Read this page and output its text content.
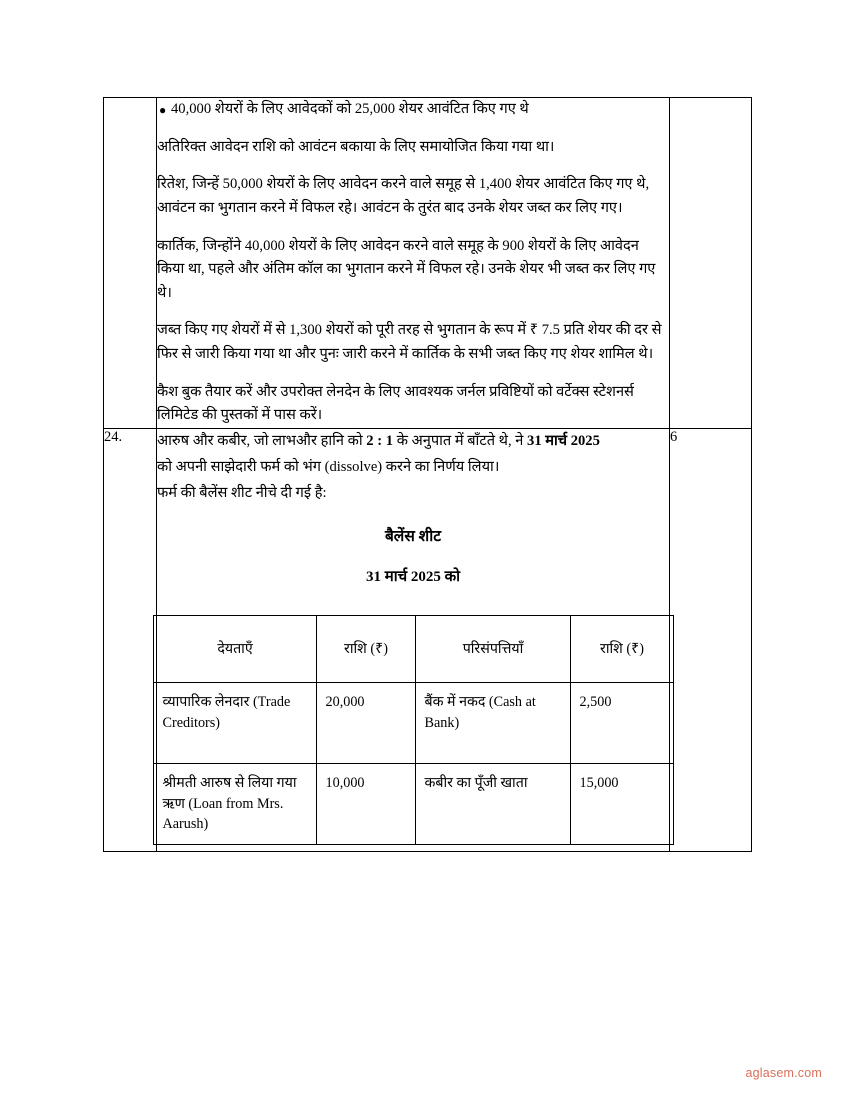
● 40,000 शेयरों के लिए आवेदकों को 25,000 शेयर आवंटित किए गए थे

अतिरिक्त आवेदन राशि को आवंटन बकाया के लिए समायोजित किया गया था।

रितेश, जिन्हें 50,000 शेयरों के लिए आवेदन करने वाले समूह से 1,400 शेयर आवंटित किए गए थे, आवंटन का भुगतान करने में विफल रहे। आवंटन के तुरंत बाद उनके शेयर जब्त कर लिए गए।

कार्तिक, जिन्होंने 40,000 शेयरों के लिए आवेदन करने वाले समूह के 900 शेयरों के लिए आवेदन किया था, पहले और अंतिम कॉल का भुगतान करने में विफल रहे। उनके शेयर भी जब्त कर लिए गए थे।

जब्त किए गए शेयरों में से 1,300 शेयरों को पूरी तरह से भुगतान के रूप में ₹ 7.5 प्रति शेयर की दर से फिर से जारी किया गया था और पुनः जारी करने में कार्तिक के सभी जब्त किए गए शेयर शामिल थे।

कैश बुक तैयार करें और उपरोक्त लेनदेन के लिए आवश्यक जर्नल प्रविष्टियों को वर्टेक्स स्टेशनर्स लिमिटेड की पुस्तकों में पास करें।

24.	आरुष और कबीर, जो लाभऔर हानि को 2 : 1 के अनुपात में बाँटते थे, ने 31 मार्च 2025

को अपनी साझेदारी फर्म को भंग (dissolve) करने का निर्णय लिया।

फर्म की बैलेंस शीट नीचे दी गई है:

बैलेंस शीट

31 मार्च 2025 को

देयताएँ	राशि (₹)	परिसंपत्तियाँ	राशि (₹)
व्यापारिक लेनदार (Trade Creditors)	20,000	बैंक में नकद (Cash at Bank)	2,500
श्रीमती आरुष से लिया गया ऋण (Loan from Mrs. Aarush)	10,000	कबीर का पूँजी खाता	15,000
	6
aglasem.com
